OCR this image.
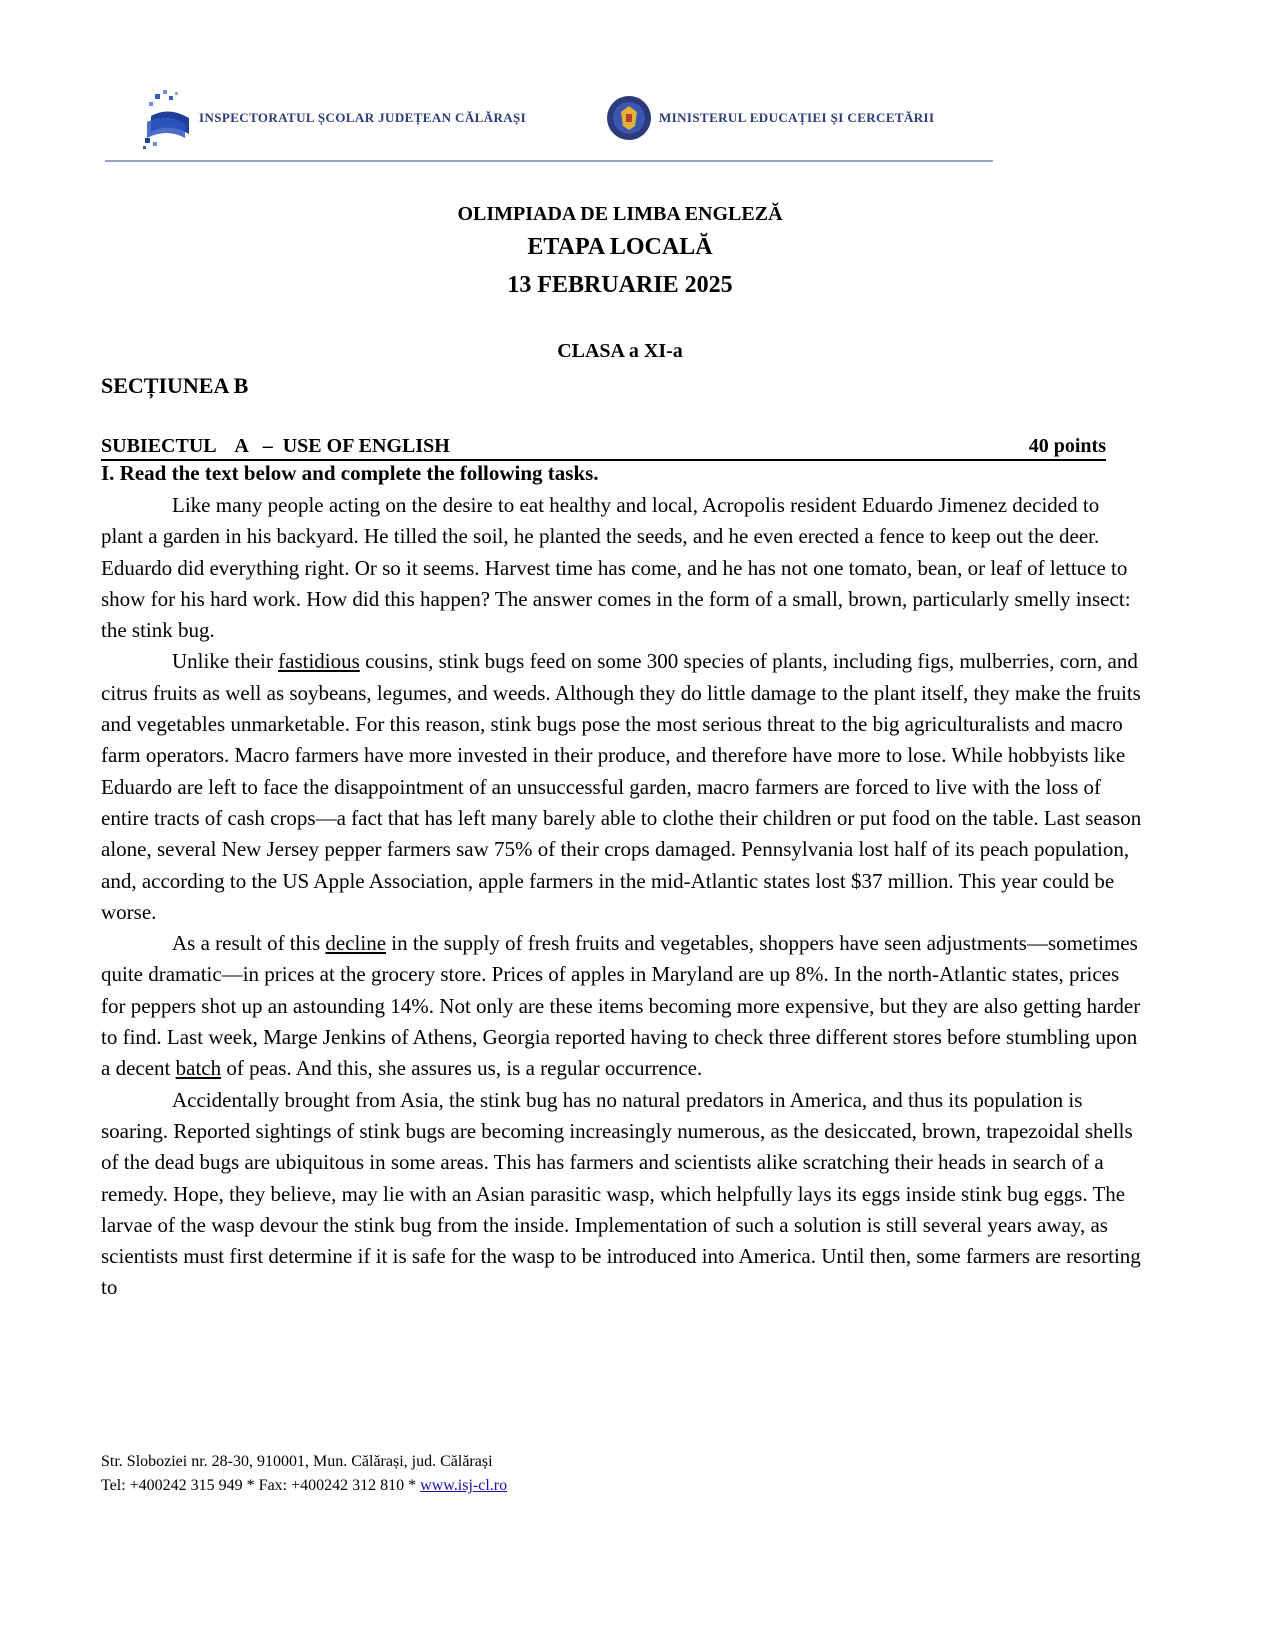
INSPECTORATUL ȘCOLAR JUDEȚEAN CĂLĂRAȘI	MINISTERUL EDUCAȚIEI ȘI CERCETĂRII
OLIMPIADA DE LIMBA ENGLEZĂ
ETAPA LOCALĂ
13 FEBRUARIE 2025
CLASA a XI-a
SECȚIUNEA B
SUBIECTUL    A   –  USE OF ENGLISH	40 points
I. Read the text below and complete the following tasks.

Like many people acting on the desire to eat healthy and local, Acropolis resident Eduardo Jimenez decided to plant a garden in his backyard. He tilled the soil, he planted the seeds, and he even erected a fence to keep out the deer. Eduardo did everything right. Or so it seems. Harvest time has come, and he has not one tomato, bean, or leaf of lettuce to show for his hard work. How did this happen? The answer comes in the form of a small, brown, particularly smelly insect: the stink bug.

Unlike their fastidious cousins, stink bugs feed on some 300 species of plants, including figs, mulberries, corn, and citrus fruits as well as soybeans, legumes, and weeds. Although they do little damage to the plant itself, they make the fruits and vegetables unmarketable. For this reason, stink bugs pose the most serious threat to the big agriculturalists and macro farm operators. Macro farmers have more invested in their produce, and therefore have more to lose. While hobbyists like Eduardo are left to face the disappointment of an unsuccessful garden, macro farmers are forced to live with the loss of entire tracts of cash crops—a fact that has left many barely able to clothe their children or put food on the table. Last season alone, several New Jersey pepper farmers saw 75% of their crops damaged. Pennsylvania lost half of its peach population, and, according to the US Apple Association, apple farmers in the mid-Atlantic states lost $37 million. This year could be worse.

As a result of this decline in the supply of fresh fruits and vegetables, shoppers have seen adjustments—sometimes quite dramatic—in prices at the grocery store. Prices of apples in Maryland are up 8%. In the north-Atlantic states, prices for peppers shot up an astounding 14%. Not only are these items becoming more expensive, but they are also getting harder to find. Last week, Marge Jenkins of Athens, Georgia reported having to check three different stores before stumbling upon a decent batch of peas. And this, she assures us, is a regular occurrence.

Accidentally brought from Asia, the stink bug has no natural predators in America, and thus its population is soaring. Reported sightings of stink bugs are becoming increasingly numerous, as the desiccated, brown, trapezoidal shells of the dead bugs are ubiquitous in some areas. This has farmers and scientists alike scratching their heads in search of a remedy. Hope, they believe, may lie with an Asian parasitic wasp, which helpfully lays its eggs inside stink bug eggs. The larvae of the wasp devour the stink bug from the inside. Implementation of such a solution is still several years away, as scientists must first determine if it is safe for the wasp to be introduced into America. Until then, some farmers are resorting to

Str. Sloboziei nr. 28-30, 910001, Mun. Călărași, jud. Călărași
Tel: +400242 315 949 * Fax: +400242 312 810 * www.isj-cl.ro
